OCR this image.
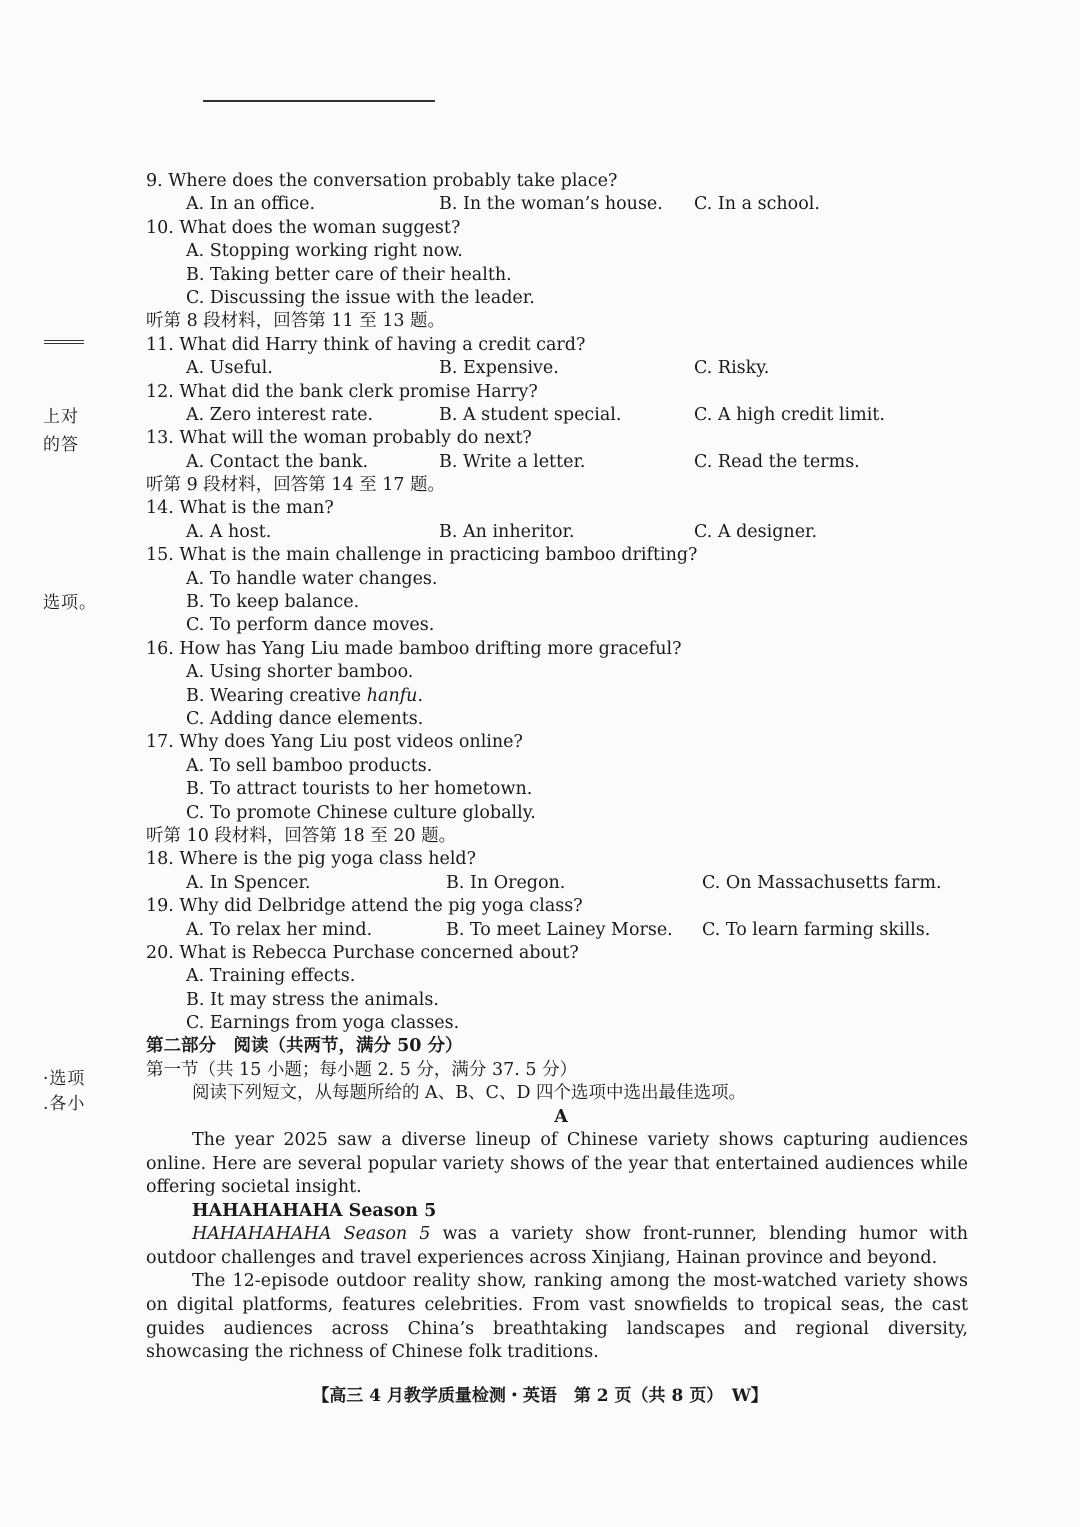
上对
的答
选项。
·选项
.各小
9. Where does the conversation probably take place?
A. In an office.	B. In the woman’s house. C. In a school.
10. What does the woman suggest?
A. Stopping working right now.
B. Taking better care of their health.
C. Discussing the issue with the leader.
听第 8 段材料，回答第 11 至 13 题。
11. What did Harry think of having a credit card?
A. Useful.	B. Expensive.	C. Risky.
12. What did the bank clerk promise Harry?
A. Zero interest rate.	B. A student special.	C. A high credit limit.
13. What will the woman probably do next?
A. Contact the bank.	B. Write a letter.	C. Read the terms.
听第 9 段材料，回答第 14 至 17 题。
14. What is the man?
A. A host.	B. An inheritor.	C. A designer.
15. What is the main challenge in practicing bamboo drifting?
A. To handle water changes.
B. To keep balance.
C. To perform dance moves.
16. How has Yang Liu made bamboo drifting more graceful?
A. Using shorter bamboo.
B. Wearing creative hanfu.
C. Adding dance elements.
17. Why does Yang Liu post videos online?
A. To sell bamboo products.
B. To attract tourists to her hometown.
C. To promote Chinese culture globally.
听第 10 段材料，回答第 18 至 20 题。
18. Where is the pig yoga class held?
A. In Spencer.	B. In Oregon.	C. On Massachusetts farm.
19. Why did Delbridge attend the pig yoga class?
A. To relax her mind.	B. To meet Lainey Morse. C. To learn farming skills.
20. What is Rebecca Purchase concerned about?
A. Training effects.
B. It may stress the animals.
C. Earnings from yoga classes.
第二部分　阅读（共两节，满分 50 分）
第一节（共 15 小题；每小题 2. 5 分，满分 37. 5 分）
阅读下列短文，从每题所给的 A、B、C、D 四个选项中选出最佳选项。
A

The year 2025 saw a diverse lineup of Chinese variety shows capturing audiences online. Here are several popular variety shows of the year that entertained audiences while offering societal insight.

HAHAHAHAHA Season 5

HAHAHAHAHA Season 5 was a variety show front-runner, blending humor with outdoor challenges and travel experiences across Xinjiang, Hainan province and beyond.

The 12-episode outdoor reality show, ranking among the most-watched variety shows on digital platforms, features celebrities. From vast snowfields to tropical seas, the cast guides audiences across China’s breathtaking landscapes and regional diversity, showcasing the richness of Chinese folk traditions.

【高三 4 月教学质量检测・英语　第 2 页（共 8 页）　W】
